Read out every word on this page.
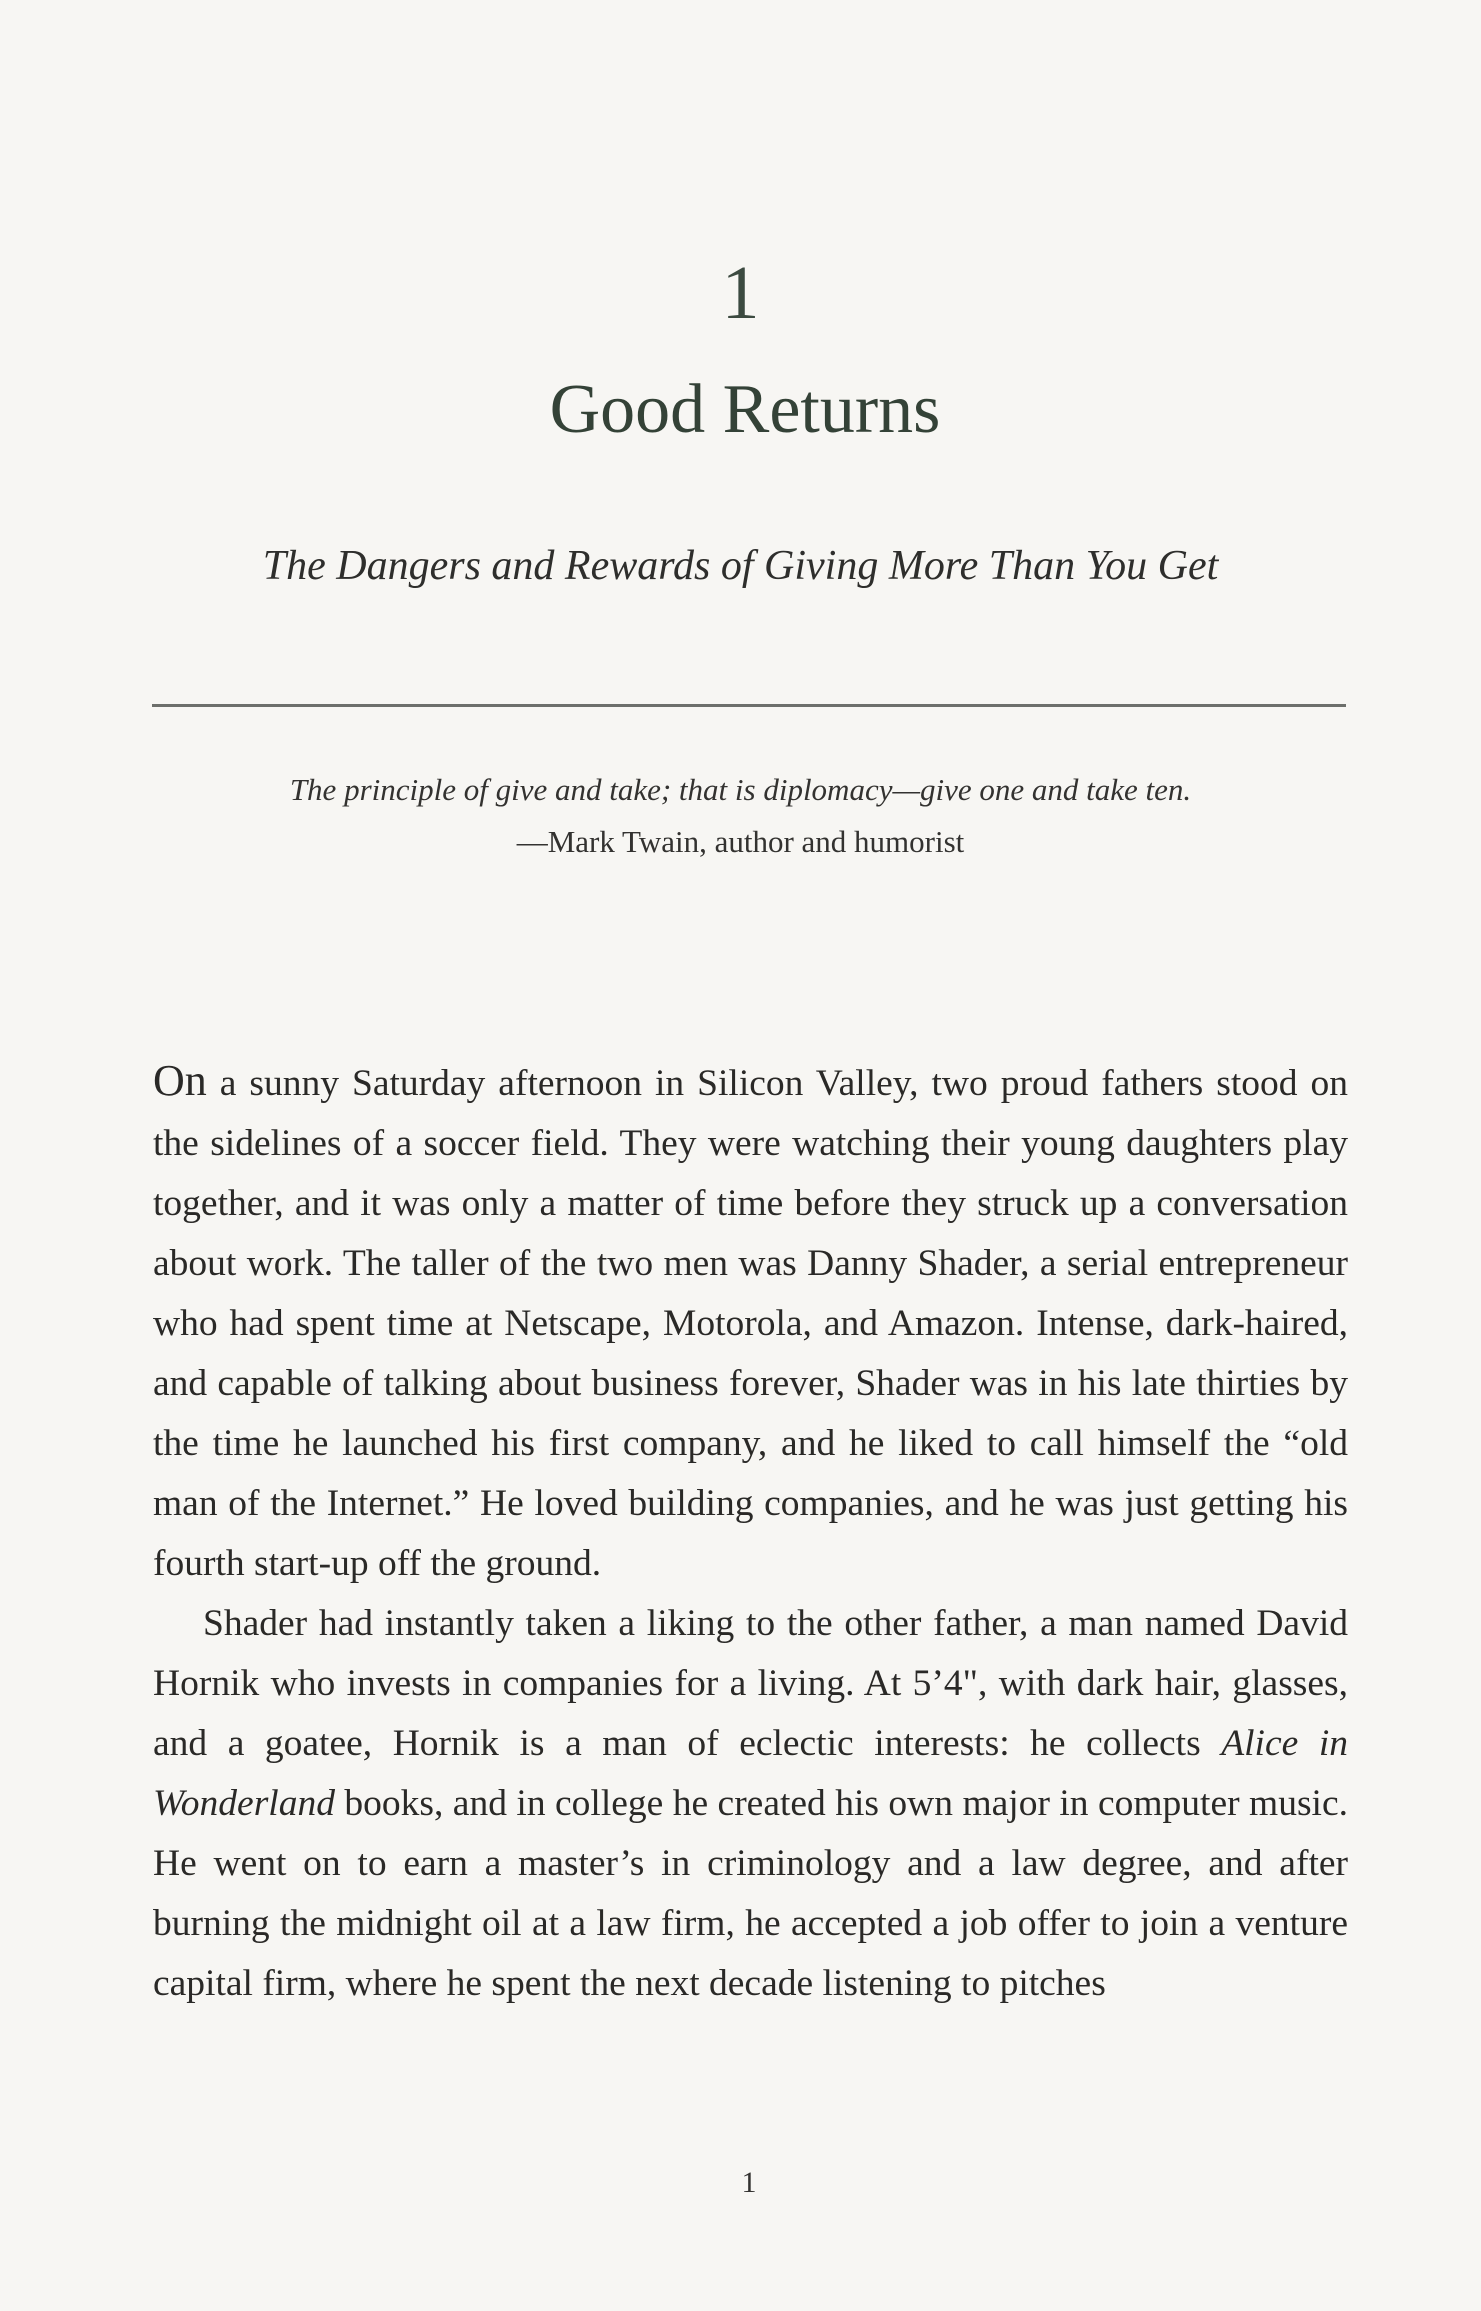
1
Good Returns
The Dangers and Rewards of Giving More Than You Get
The principle of give and take; that is diplomacy—give one and take ten.
—Mark Twain, author and humorist

On a sunny Saturday afternoon in Silicon Valley, two proud fathers stood on the sidelines of a soccer field. They were watching their young daughters play together, and it was only a matter of time before they struck up a conversation about work. The taller of the two men was Danny Shader, a serial entrepreneur who had spent time at Netscape, Motorola, and Amazon. Intense, dark-haired, and capable of talking about business forever, Shader was in his late thirties by the time he launched his first company, and he liked to call himself the “old man of the Internet.” He loved building companies, and he was just getting his fourth start-up off the ground.

Shader had instantly taken a liking to the other father, a man named David Hornik who invests in companies for a living. At 5’4", with dark hair, glasses, and a goatee, Hornik is a man of eclectic interests: he collects Alice in Wonderland books, and in college he created his own major in computer music. He went on to earn a master’s in criminology and a law degree, and after burning the midnight oil at a law firm, he accepted a job offer to join a venture capital firm, where he spent the next decade listening to pitches

1
